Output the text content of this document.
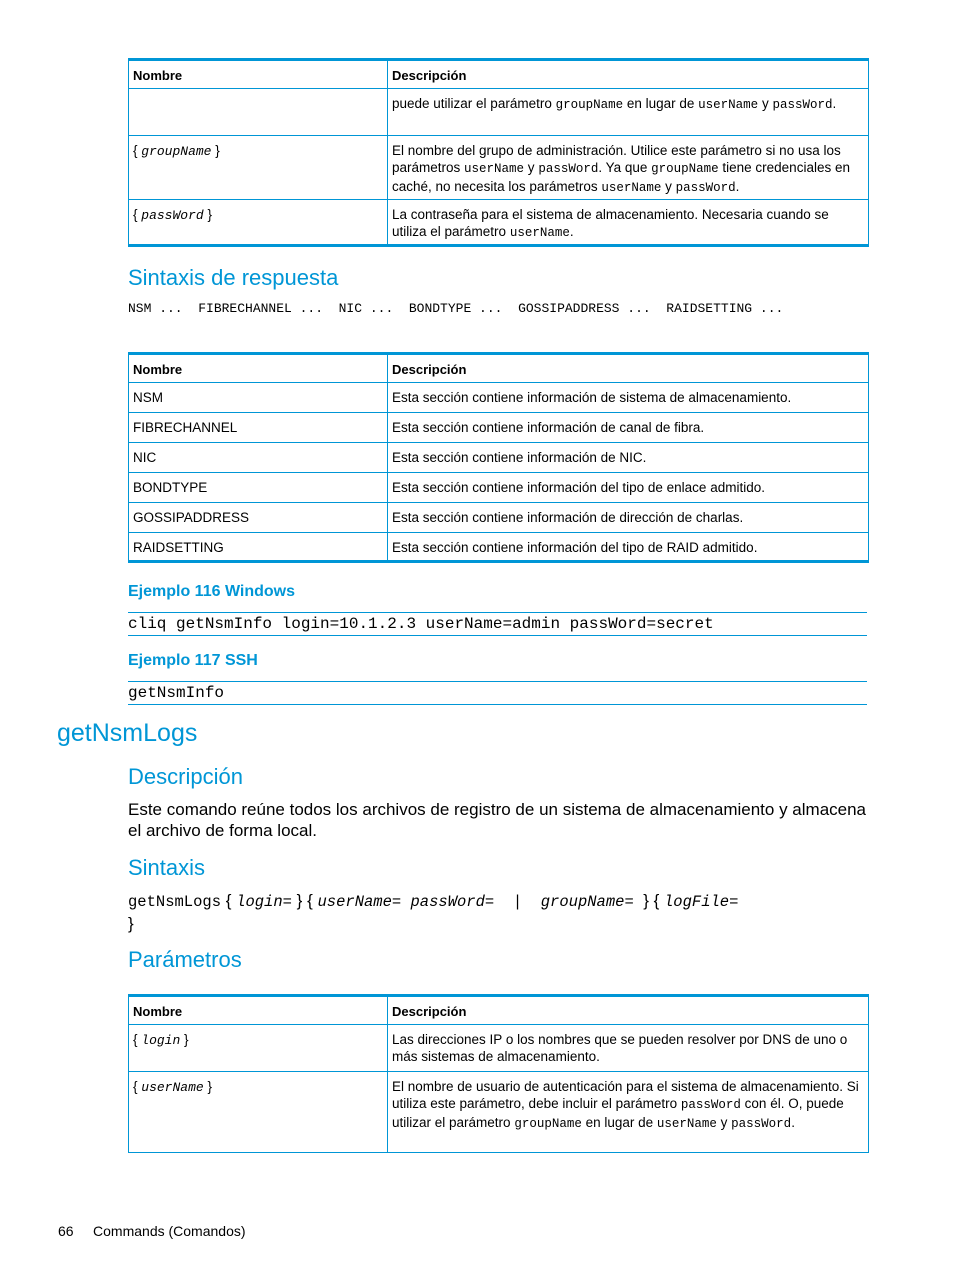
Nombre	Descripción
	puede utilizar el parámetro groupName en lugar de userName y passWord.
{ groupName }	El nombre del grupo de administración. Utilice este parámetro si no usa los parámetros userName y passWord. Ya que groupName tiene credenciales en caché, no necesita los parámetros userName y passWord.
{ passWord }	La contraseña para el sistema de almacenamiento. Necesaria cuando se utiliza el parámetro userName.
Sintaxis de respuesta
NSM ...  FIBRECHANNEL ...  NIC ...  BONDTYPE ...  GOSSIPADDRESS ...  RAIDSETTING ...
Nombre	Descripción
NSM	Esta sección contiene información de sistema de almacenamiento.
FIBRECHANNEL	Esta sección contiene información de canal de fibra.
NIC	Esta sección contiene información de NIC.
BONDTYPE	Esta sección contiene información del tipo de enlace admitido.
GOSSIPADDRESS	Esta sección contiene información de dirección de charlas.
RAIDSETTING	Esta sección contiene información del tipo de RAID admitido.
Ejemplo 116 Windows
cliq getNsmInfo login=10.1.2.3 userName=admin passWord=secret
Ejemplo 117 SSH
getNsmInfo
getNsmLogs
Descripción
Este comando reúne todos los archivos de registro de un sistema de almacenamiento y almacena el archivo de forma local.
Sintaxis
getNsmLogs { login= } { userName= passWord=  |  groupName=  } { logFile=
}
Parámetros
Nombre	Descripción
{ login }	Las direcciones IP o los nombres que se pueden resolver por DNS de uno o más sistemas de almacenamiento.
{ userName }	El nombre de usuario de autenticación para el sistema de almacenamiento. Si utiliza este parámetro, debe incluir el parámetro passWord con él. O, puede utilizar el parámetro groupName en lugar de userName y passWord.
66 Commands (Comandos)
